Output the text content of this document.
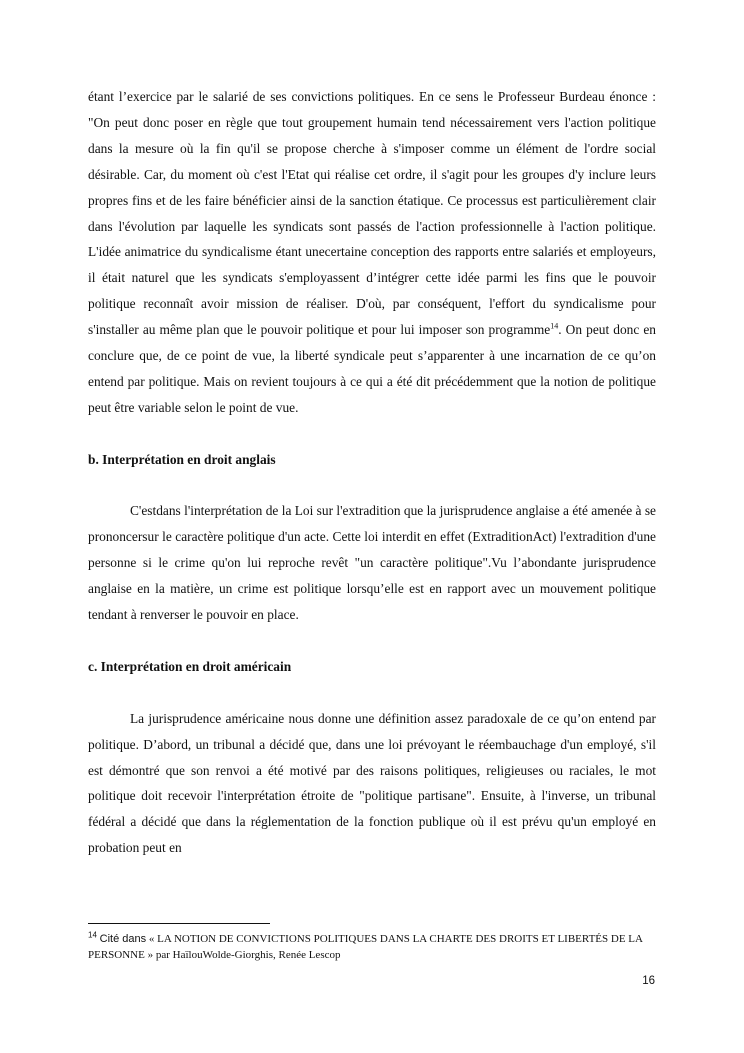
étant l’exercice par le salarié de ses convictions politiques. En ce sens le Professeur Burdeau énonce : "On peut donc poser en règle que tout groupement humain tend nécessairement vers l'action politique dans la mesure où la fin qu'il se propose cherche à s'imposer comme un élément de l'ordre social désirable. Car, du moment où c'est l'Etat qui réalise cet ordre, il s'agit pour les groupes d'y inclure leurs propres fins et de les faire bénéficier ainsi de la sanction étatique. Ce processus est particulièrement clair dans l'évolution par laquelle les syndicats sont passés de l'action professionnelle à l'action politique. L'idée animatrice du syndicalisme étant unecertaine conception des rapports entre salariés et employeurs, il était naturel que les syndicats s'employassent d’intégrer cette idée parmi les fins que le pouvoir politique reconnaît avoir mission de réaliser. D'où, par conséquent, l'effort du syndicalisme pour s'installer au même plan que le pouvoir politique et pour lui imposer son programme$^{14}$. On peut donc en conclure que, de ce point de vue, la liberté syndicale peut s’apparenter à une incarnation de ce qu’on entend par politique. Mais on revient toujours à ce qui a été dit précédemment que la notion de politique peut être variable selon le point de vue.

b. Interprétation en droit anglais

C'estdans l'interprétation de la Loi sur l'extradition que la jurisprudence anglaise a été amenée à se prononcersur le caractère politique d'un acte. Cette loi interdit en effet (ExtraditionAct) l'extradition d'une personne si le crime qu'on lui reproche revêt "un caractère politique".Vu l’abondante jurisprudence anglaise en la matière, un crime est politique lorsqu’elle est en rapport avec un mouvement politique tendant à renverser le pouvoir en place.

c. Interprétation en droit américain

La jurisprudence américaine nous donne une définition assez paradoxale de ce qu’on entend par politique. D’abord, un tribunal a décidé que, dans une loi prévoyant le réembauchage d'un employé, s'il est démontré que son renvoi a été motivé par des raisons politiques, religieuses ou raciales, le mot politique doit recevoir l'interprétation étroite de "politique partisane". Ensuite, à l'inverse, un tribunal fédéral a décidé que dans la réglementation de la fonction publique où il est prévu qu'un employé en probation peut en

$^{14}$ Cité dans « LA NOTION DE CONVICTIONS POLITIQUES DANS LA CHARTE DES DROITS ET LIBERTÉS DE LA PERSONNE » par HaïlouWolde-Giorghis, Renée Lescop
16
